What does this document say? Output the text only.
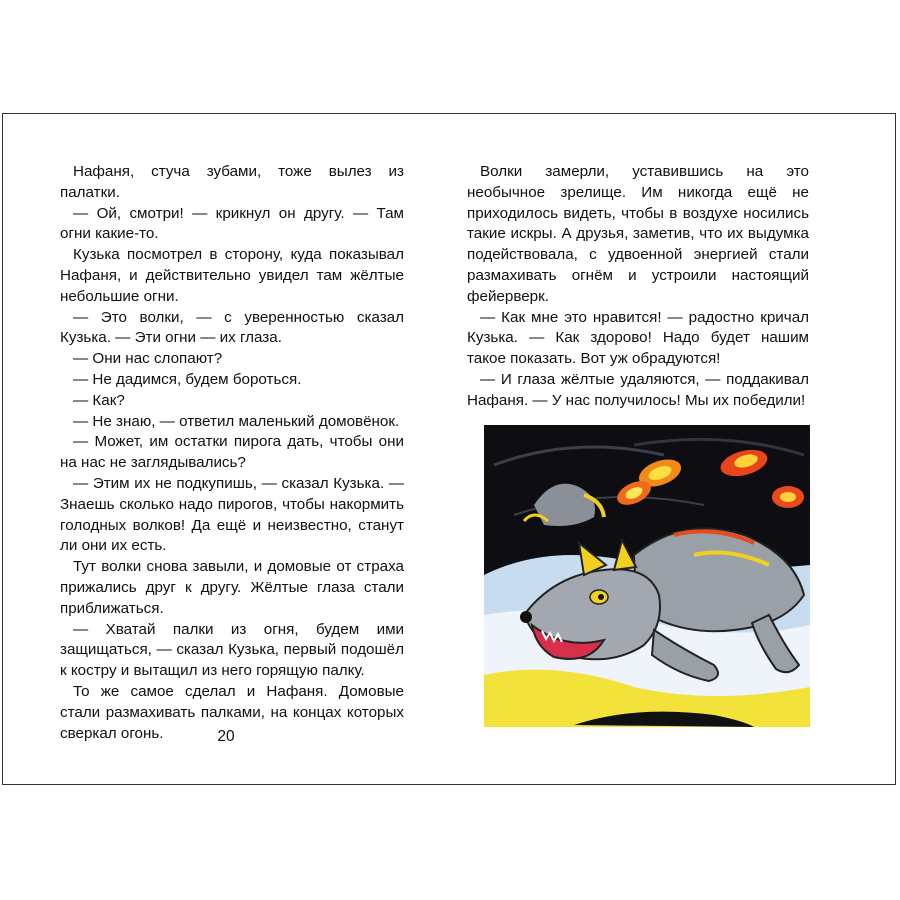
Нафаня, стуча зубами, тоже вылез из палатки.

— Ой, смотри! — крикнул он другу. — Там огни какие-то.

Кузька посмотрел в сторону, куда показывал Нафаня, и действительно увидел там жёлтые небольшие огни.

— Это волки, — с уверенностью сказал Кузька. — Эти огни — их глаза.

— Они нас слопают?

— Не дадимся, будем бороться.

— Как?

— Не знаю, — ответил маленький домовёнок.

— Может, им остатки пирога дать, чтобы они на нас не заглядывались?

— Этим их не подкупишь, — сказал Кузька. — Знаешь сколько надо пирогов, чтобы накормить голодных волков! Да ещё и неизвестно, станут ли они их есть.

Тут волки снова завыли, и домовые от страха прижались друг к другу. Жёлтые глаза стали приближаться.

— Хватай палки из огня, будем ими защищаться, — сказал Кузька, первый подошёл к костру и вытащил из него горящую палку.

То же самое сделал и Нафаня. Домовые стали размахивать палками, на концах которых сверкал огонь.	20

Волки замерли, уставившись на это необычное зрелище. Им никогда ещё не приходилось видеть, чтобы в воздухе носились такие искры. А друзья, заметив, что их выдумка подействовала, с удвоенной энергией стали размахивать огнём и устроили настоящий фейерверк.

— Как мне это нравится! — радостно кричал Кузька. — Как здорово! Надо будет нашим такое показать. Вот уж обрадуются!

— И глаза жёлтые удаляются, — поддакивал Нафаня. — У нас получилось! Мы их победили!
